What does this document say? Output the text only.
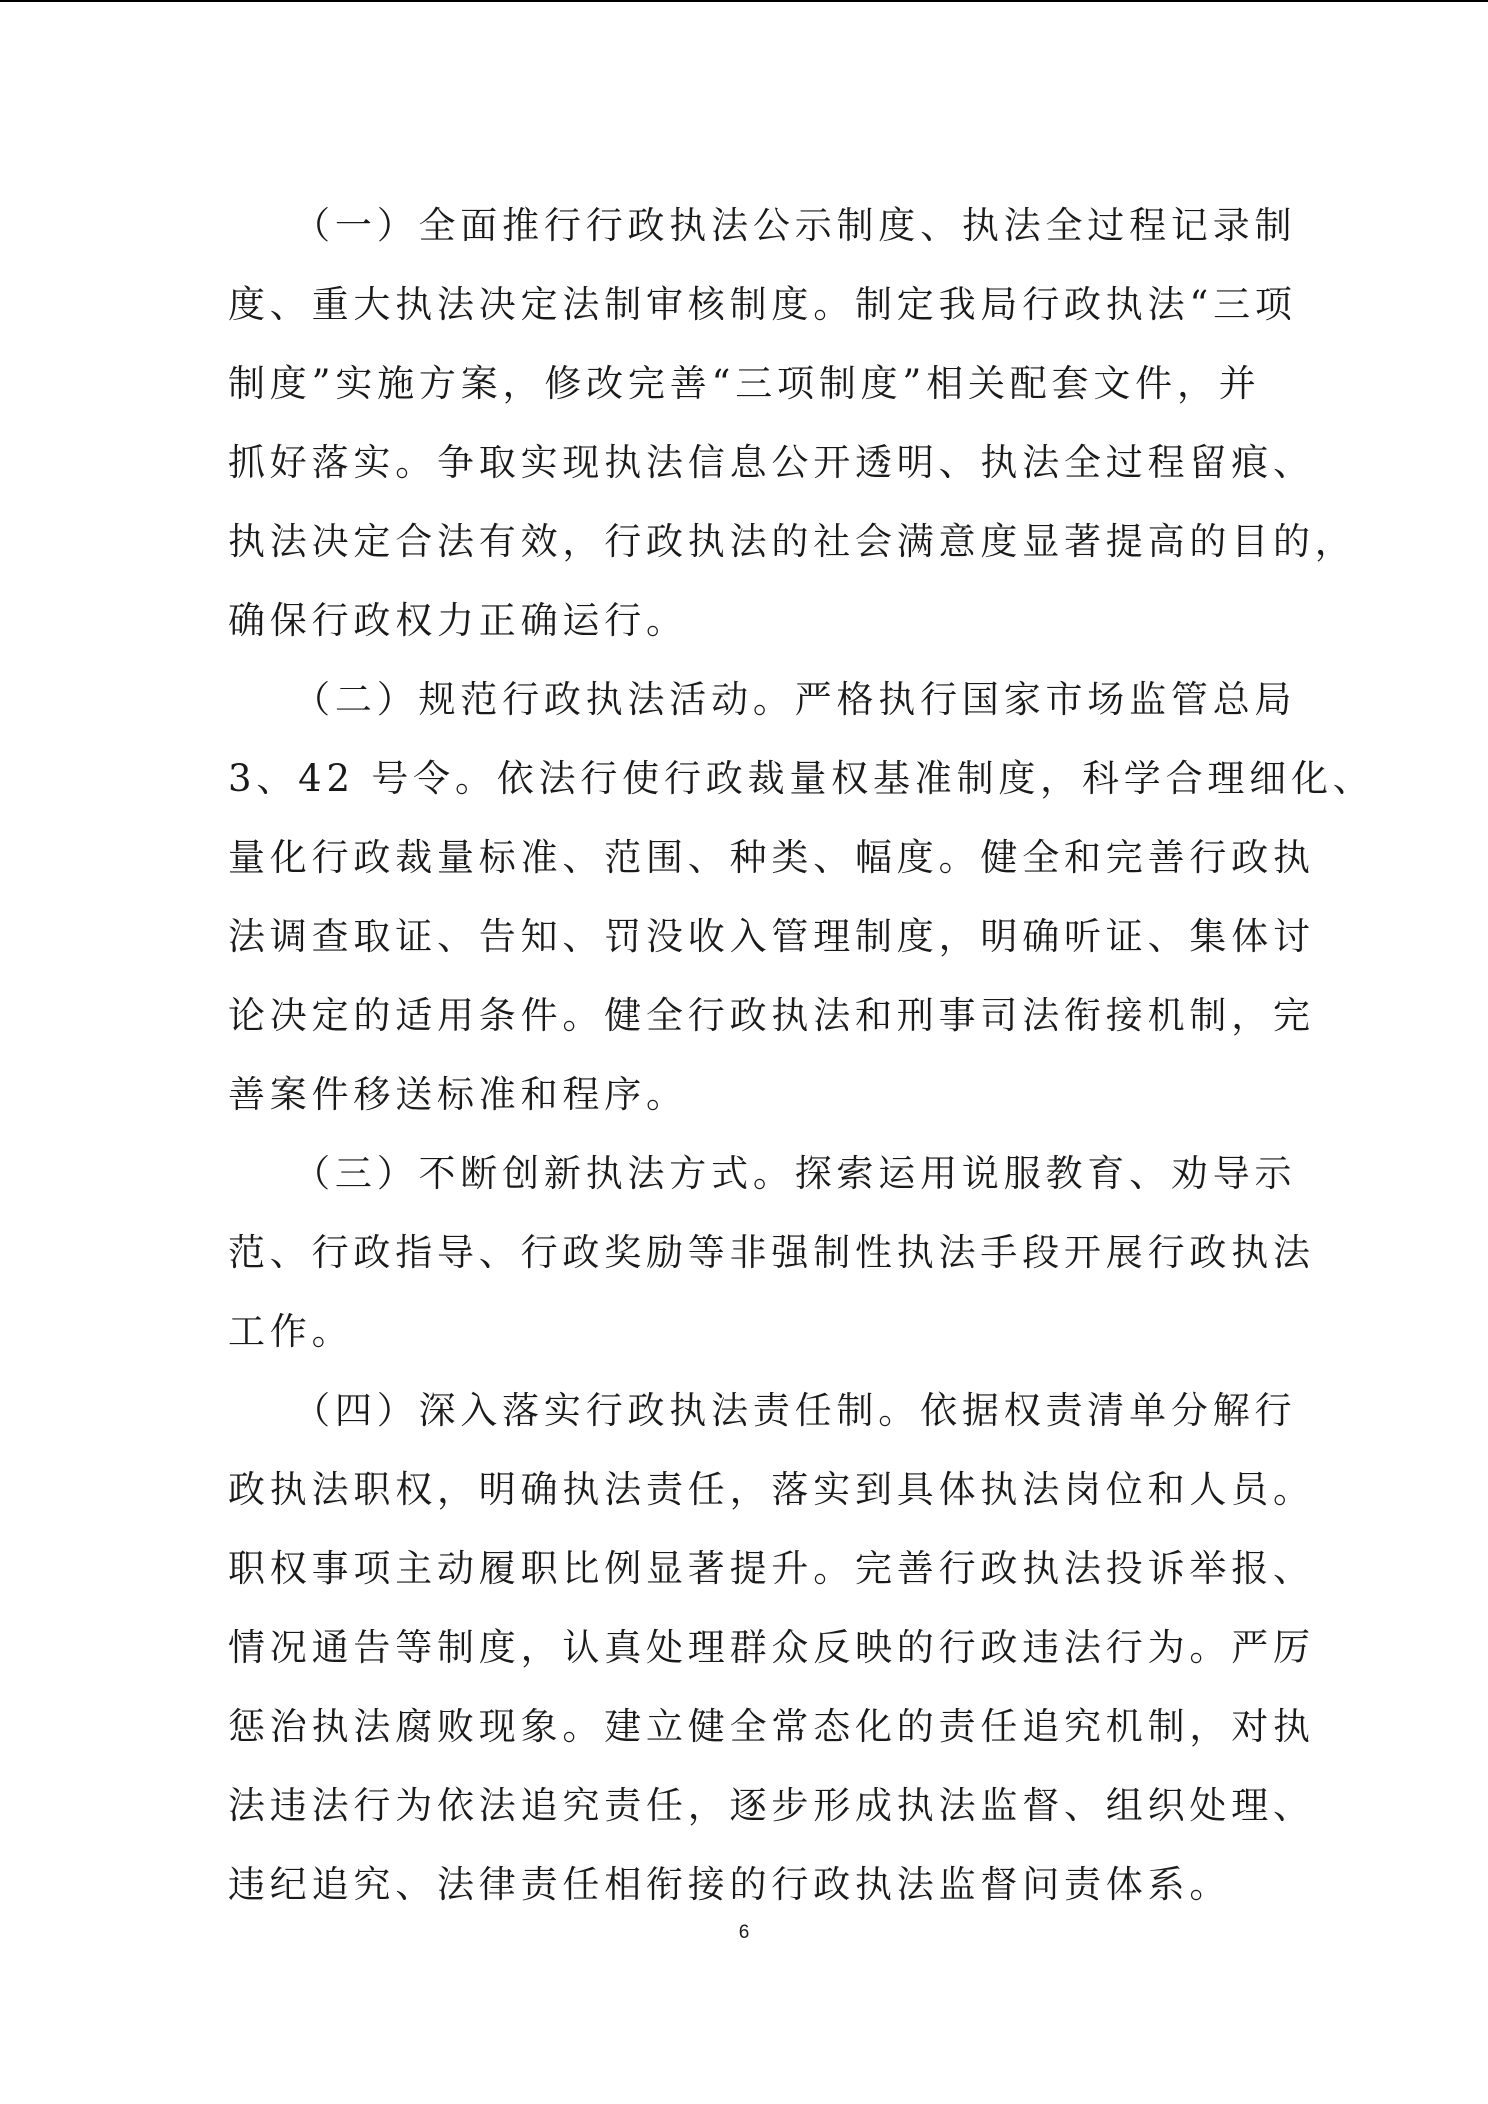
　　（一）全面推行行政执法公示制度、执法全过程记录制
度、重大执法决定法制审核制度。制定我局行政执法“三项
制度”实施方案，修改完善“三项制度”相关配套文件，并
抓好落实。争取实现执法信息公开透明、执法全过程留痕、
执法决定合法有效，行政执法的社会满意度显著提高的目的，
确保行政权力正确运行。
　　（二）规范行政执法活动。严格执行国家市场监管总局
3、42 号令。依法行使行政裁量权基准制度，科学合理细化、
量化行政裁量标准、范围、种类、幅度。健全和完善行政执
法调查取证、告知、罚没收入管理制度，明确听证、集体讨
论决定的适用条件。健全行政执法和刑事司法衔接机制，完
善案件移送标准和程序。
　　（三）不断创新执法方式。探索运用说服教育、劝导示
范、行政指导、行政奖励等非强制性执法手段开展行政执法
工作。
　　（四）深入落实行政执法责任制。依据权责清单分解行
政执法职权，明确执法责任，落实到具体执法岗位和人员。
职权事项主动履职比例显著提升。完善行政执法投诉举报、
情况通告等制度，认真处理群众反映的行政违法行为。严厉
惩治执法腐败现象。建立健全常态化的责任追究机制，对执
法违法行为依法追究责任，逐步形成执法监督、组织处理、
违纪追究、法律责任相衔接的行政执法监督问责体系。
6
